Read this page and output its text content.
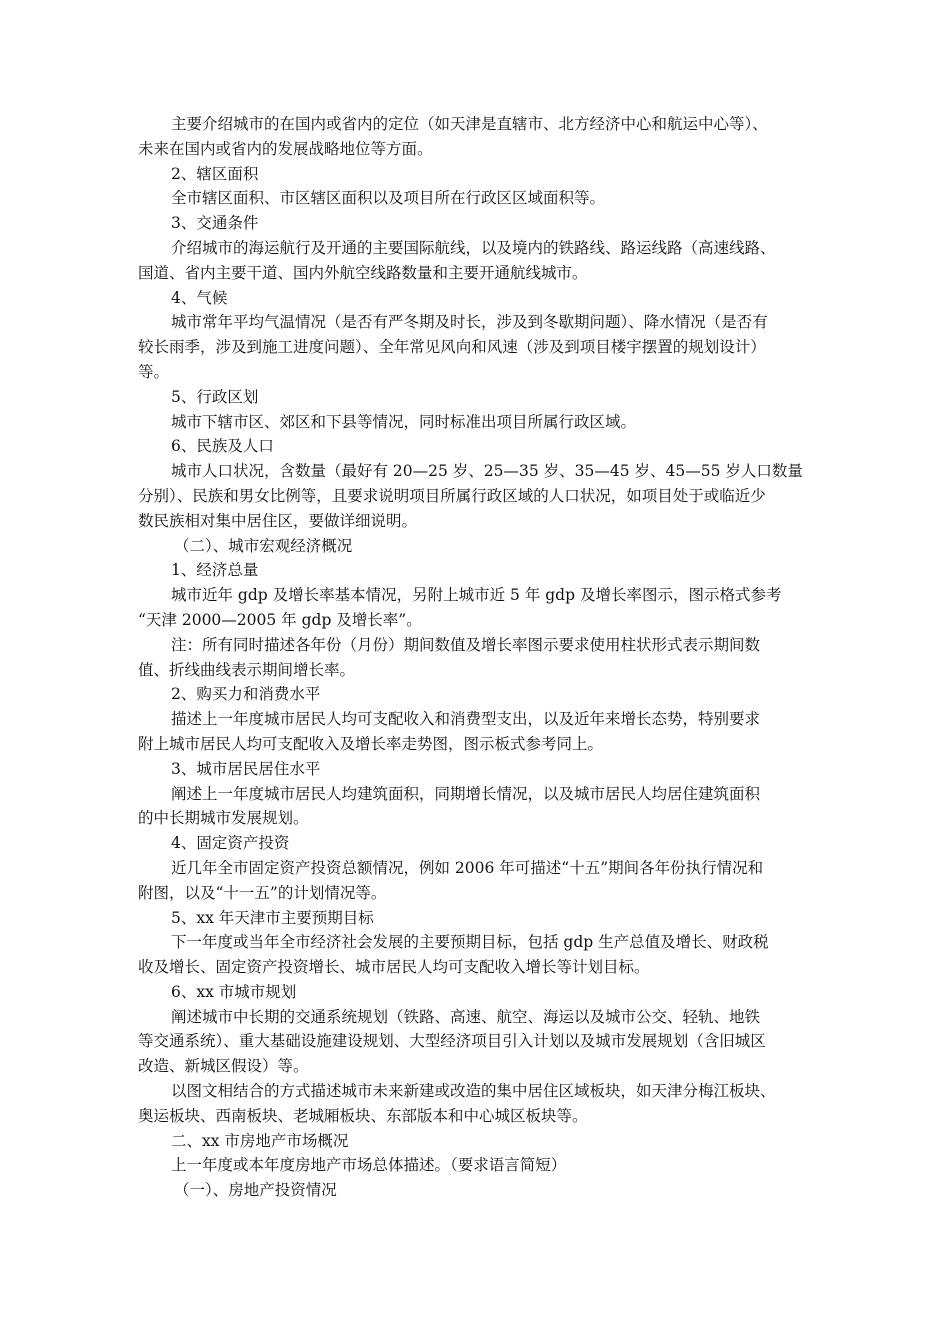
主要介绍城市的在国内或省内的定位（如天津是直辖市、北方经济中心和航运中心等）、
未来在国内或省内的发展战略地位等方面。
2、辖区面积
全市辖区面积、市区辖区面积以及项目所在行政区区域面积等。
3、交通条件
介绍城市的海运航行及开通的主要国际航线，以及境内的铁路线、路运线路（高速线路、
国道、省内主要干道、国内外航空线路数量和主要开通航线城市。
4、气候
城市常年平均气温情况（是否有严冬期及时长，涉及到冬歇期问题）、降水情况（是否有
较长雨季，涉及到施工进度问题）、全年常见风向和风速（涉及到项目楼宇摆置的规划设计）
等。
5、行政区划
城市下辖市区、郊区和下县等情况，同时标准出项目所属行政区域。
6、民族及人口
城市人口状况，含数量（最好有 20—25 岁、25—35 岁、35—45 岁、45—55 岁人口数量
分别）、民族和男女比例等，且要求说明项目所属行政区域的人口状况，如项目处于或临近少
数民族相对集中居住区，要做详细说明。
（二）、城市宏观经济概况
1、经济总量
城市近年 gdp 及增长率基本情况，另附上城市近 5 年 gdp 及增长率图示，图示格式参考
“天津 2000—2005 年 gdp 及增长率”。
注：所有同时描述各年份（月份）期间数值及增长率图示要求使用柱状形式表示期间数
值、折线曲线表示期间增长率。
2、购买力和消费水平
描述上一年度城市居民人均可支配收入和消费型支出，以及近年来增长态势，特别要求
附上城市居民人均可支配收入及增长率走势图，图示板式参考同上。
3、城市居民居住水平
阐述上一年度城市居民人均建筑面积，同期增长情况，以及城市居民人均居住建筑面积
的中长期城市发展规划。
4、固定资产投资
近几年全市固定资产投资总额情况，例如 2006 年可描述“十五”期间各年份执行情况和
附图，以及“十一五”的计划情况等。
5、xx 年天津市主要预期目标
下一年度或当年全市经济社会发展的主要预期目标，包括 gdp 生产总值及增长、财政税
收及增长、固定资产投资增长、城市居民人均可支配收入增长等计划目标。
6、xx 市城市规划
阐述城市中长期的交通系统规划（铁路、高速、航空、海运以及城市公交、轻轨、地铁
等交通系统）、重大基础设施建设规划、大型经济项目引入计划以及城市发展规划（含旧城区
改造、新城区假设）等。
以图文相结合的方式描述城市未来新建或改造的集中居住区域板块，如天津分梅江板块、
奥运板块、西南板块、老城厢板块、东部版本和中心城区板块等。
二、xx 市房地产市场概况
上一年度或本年度房地产市场总体描述。（要求语言简短）
（一）、房地产投资情况
